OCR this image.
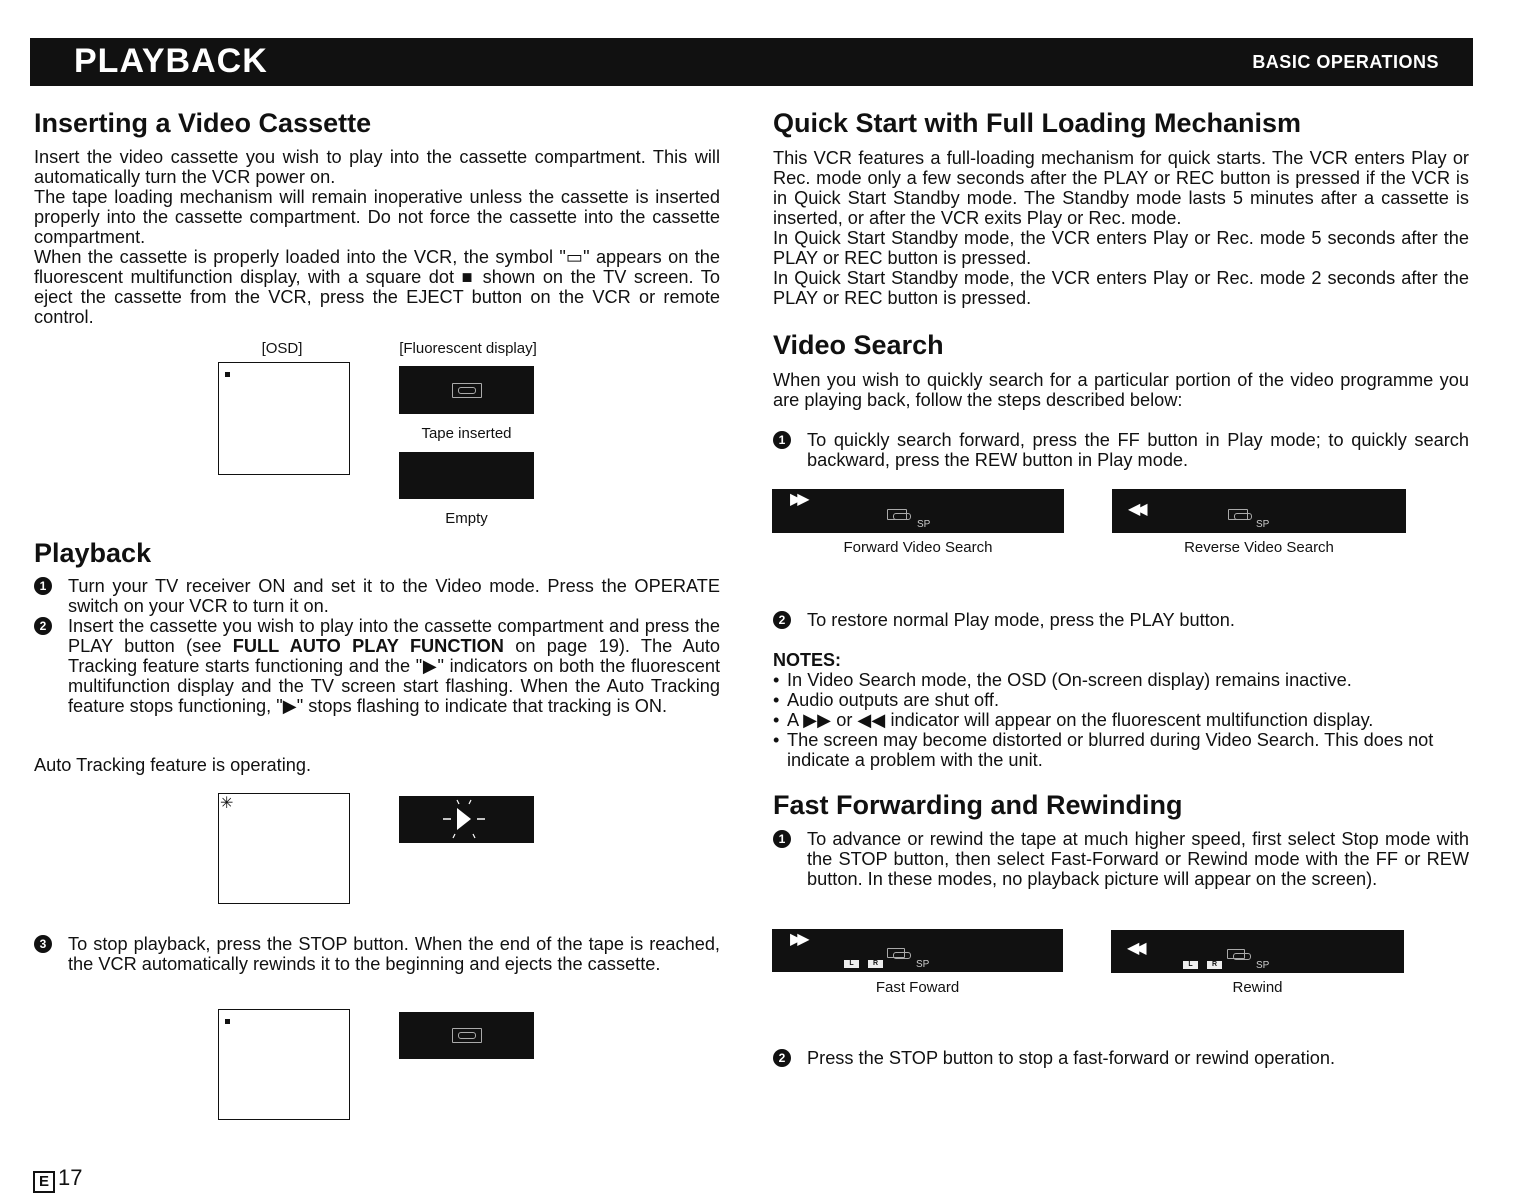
PLAYBACK	BASIC OPERATIONS
Inserting a Video Cassette

Insert the video cassette you wish to play into the cassette compartment. This will automatically turn the VCR power on.

The tape loading mechanism will remain inoperative unless the cassette is inserted properly into the cassette compartment. Do not force the cassette into the cassette compartment.

When the cassette is properly loaded into the VCR, the symbol "▭" appears on the fluorescent multifunction display, with a square dot ■ shown on the TV screen. To eject the cassette from the VCR, press the EJECT button on the VCR or remote control.

[OSD]	[Fluorescent display]
Tape inserted
Empty
Playback
1	Turn your TV receiver ON and set it to the Video mode. Press the OPERATE switch on your VCR to turn it on.
2	Insert the cassette you wish to play into the cassette compartment and press the PLAY button (see FULL AUTO PLAY FUNCTION on page 19). The Auto Tracking feature starts functioning and the "▶" indicators on both the fluorescent multifunction display and the TV screen start flashing. When the Auto Tracking feature stops functioning, "▶" stops flashing to indicate that tracking is ON.
Auto Tracking feature is operating.
✳
3	To stop playback, press the STOP button. When the end of the tape is reached, the VCR automatically rewinds it to the beginning and ejects the cassette.
E 17
Quick Start with Full Loading Mechanism

This VCR features a full-loading mechanism for quick starts. The VCR enters Play or Rec. mode only a few seconds after the PLAY or REC button is pressed if the VCR is in Quick Start Standby mode. The Standby mode lasts 5 minutes after a cassette is inserted, or after the VCR exits Play or Rec. mode.

In Quick Start Standby mode, the VCR enters Play or Rec. mode 5 seconds after the PLAY or REC button is pressed.

In Quick Start Standby mode, the VCR enters Play or Rec. mode 2 seconds after the PLAY or REC button is pressed.

Video Search
When you wish to quickly search for a particular portion of the video programme you are playing back, follow the steps described below:
1	To quickly search forward, press the FF button in Play mode; to quickly search backward, press the REW button in Play mode.
▶▶
SP
◀◀
SP
Forward Video Search	Reverse Video Search
2	To restore normal Play mode, press the PLAY button.
NOTES:
• In Video Search mode, the OSD (On-screen display) remains inactive.
• Audio outputs are shut off.
• A ▶▶ or ◀◀ indicator will appear on the fluorescent multifunction display.
• The screen may become distorted or blurred during Video Search. This does not indicate a problem with the unit.
Fast Forwarding and Rewinding
1	To advance or rewind the tape at much higher speed, first select Stop mode with the STOP button, then select Fast-Forward or Rewind mode with the FF or REW button. In these modes, no playback picture will appear on the screen).
▶▶
L	R	SP
◀◀
L	R	SP
Fast Foward	Rewind
2	Press the STOP button to stop a fast-forward or rewind operation.
